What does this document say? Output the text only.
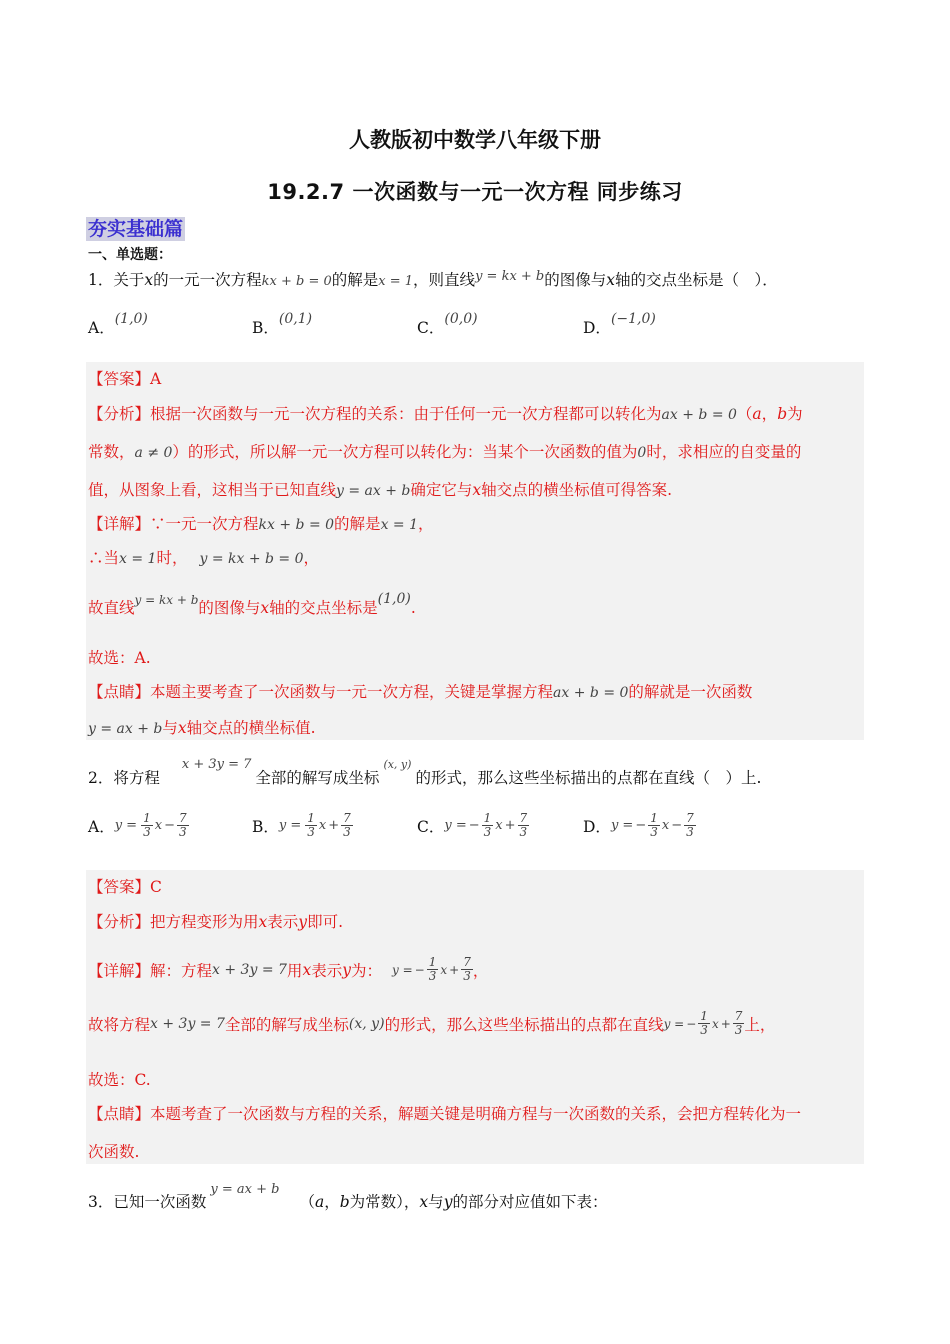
人教版初中数学八年级下册
19.2.7 一次函数与一元一次方程 同步练习
夯实基础篇
一、单选题：
1．关于x的一元一次方程kx + b = 0的解是x = 1，则直线$^{y = kx + b}$的图像与x轴的交点坐标是（　）．
A．(1,0)	B．(0,1)	C．(0,0)	D．(−1,0)
【答案】A
【分析】根据一次函数与一元一次方程的关系：由于任何一元一次方程都可以转化为ax + b = 0（a，b为
常数，a ≠ 0）的形式，所以解一元一次方程可以转化为：当某个一次函数的值为0时，求相应的自变量的
值，从图象上看，这相当于已知直线y = ax + b确定它与x轴交点的横坐标值可得答案.
【详解】∵一元一次方程kx + b = 0的解是x = 1，
∴当x = 1时， y = kx + b = 0，
故直线$^{y = kx + b}$的图像与x轴的交点坐标是(1,0).
故选：A.
【点睛】本题主要考查了一次函数与一元一次方程，关键是掌握方程ax + b = 0的解就是一次函数
y = ax + b与x轴交点的横坐标值.
2．将方程$^{x + 3y = 7}$全部的解写成坐标$^{(x, y)}$的形式，那么这些坐标描出的点都在直线（　）上.
A． $y = \frac{1}{3}$ $x - \frac{7}{3}$	B． $y = \frac{1}{3}$ $x + \frac{7}{3}$	C． y = − $\frac{1}{3}$ $x + \frac{7}{3}$	D． y = − $\frac{1}{3}$ $x - \frac{7}{3}$
【答案】C
【分析】把方程变形为用x表示y即可.
【详解】 解：方程 x + 3y = 7 用 x 表示 y 为： y = − $\frac{1}{3}$ $x + \frac{7}{3}$ ，
故将方程 x + 3y = 7 全部的解写成坐标 (x, y) 的形式，那么这些坐标描出的点都在直线 y = − $\frac{1}{3}$ $x + \frac{7}{3}$ 上，
故选：C.
【点睛】本题考查了一次函数与方程的关系，解题关键是明确方程与一次函数的关系，会把方程转化为一
次函数.
3．已知一次函数$^{y = ax + b}$（a，b为常数），x与y的部分对应值如下表：
